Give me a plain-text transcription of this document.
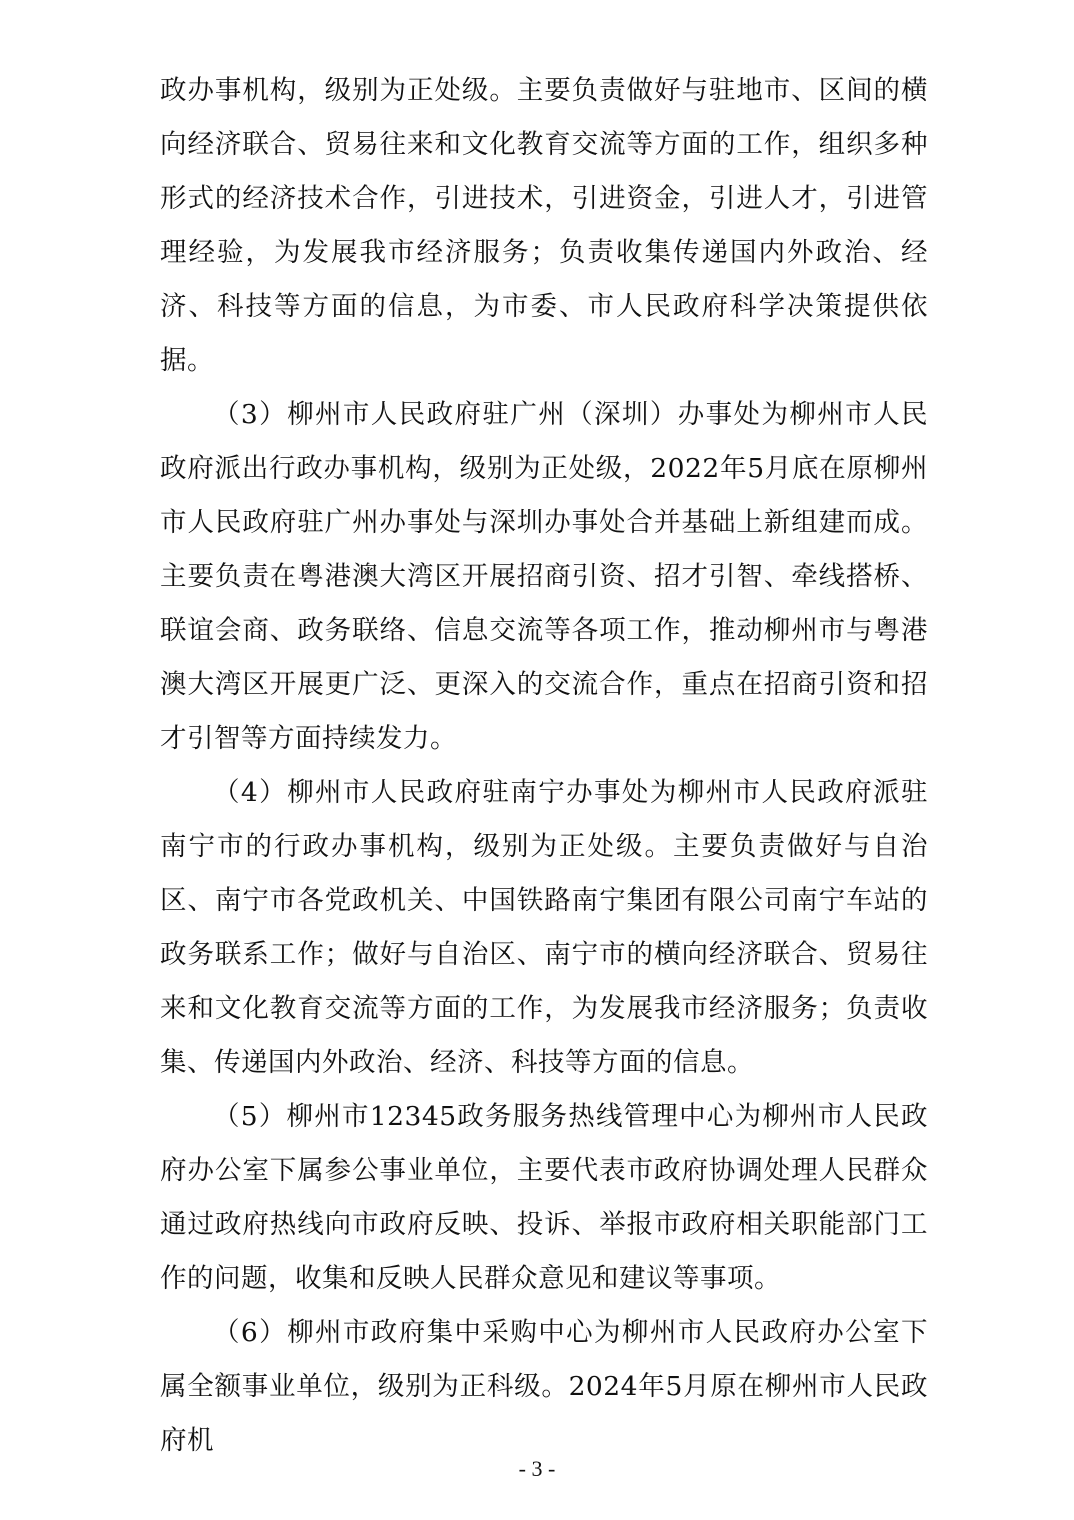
政办事机构，级别为正处级。主要负责做好与驻地市、区间的横向经济联合、贸易往来和文化教育交流等方面的工作，组织多种形式的经济技术合作，引进技术，引进资金，引进人才，引进管理经验，为发展我市经济服务；负责收集传递国内外政治、经济、科技等方面的信息，为市委、市人民政府科学决策提供依据。

（3）柳州市人民政府驻广州（深圳）办事处为柳州市人民政府派出行政办事机构，级别为正处级，2022年5月底在原柳州市人民政府驻广州办事处与深圳办事处合并基础上新组建而成。主要负责在粤港澳大湾区开展招商引资、招才引智、牵线搭桥、联谊会商、政务联络、信息交流等各项工作，推动柳州市与粤港澳大湾区开展更广泛、更深入的交流合作，重点在招商引资和招才引智等方面持续发力。

（4）柳州市人民政府驻南宁办事处为柳州市人民政府派驻南宁市的行政办事机构，级别为正处级。主要负责做好与自治区、南宁市各党政机关、中国铁路南宁集团有限公司南宁车站的政务联系工作；做好与自治区、南宁市的横向经济联合、贸易往来和文化教育交流等方面的工作，为发展我市经济服务；负责收集、传递国内外政治、经济、科技等方面的信息。

（5）柳州市12345政务服务热线管理中心为柳州市人民政府办公室下属参公事业单位，主要代表市政府协调处理人民群众通过政府热线向市政府反映、投诉、举报市政府相关职能部门工作的问题，收集和反映人民群众意见和建议等事项。

（6）柳州市政府集中采购中心为柳州市人民政府办公室下属全额事业单位，级别为正科级。2024年5月原在柳州市人民政府机

- 3 -
